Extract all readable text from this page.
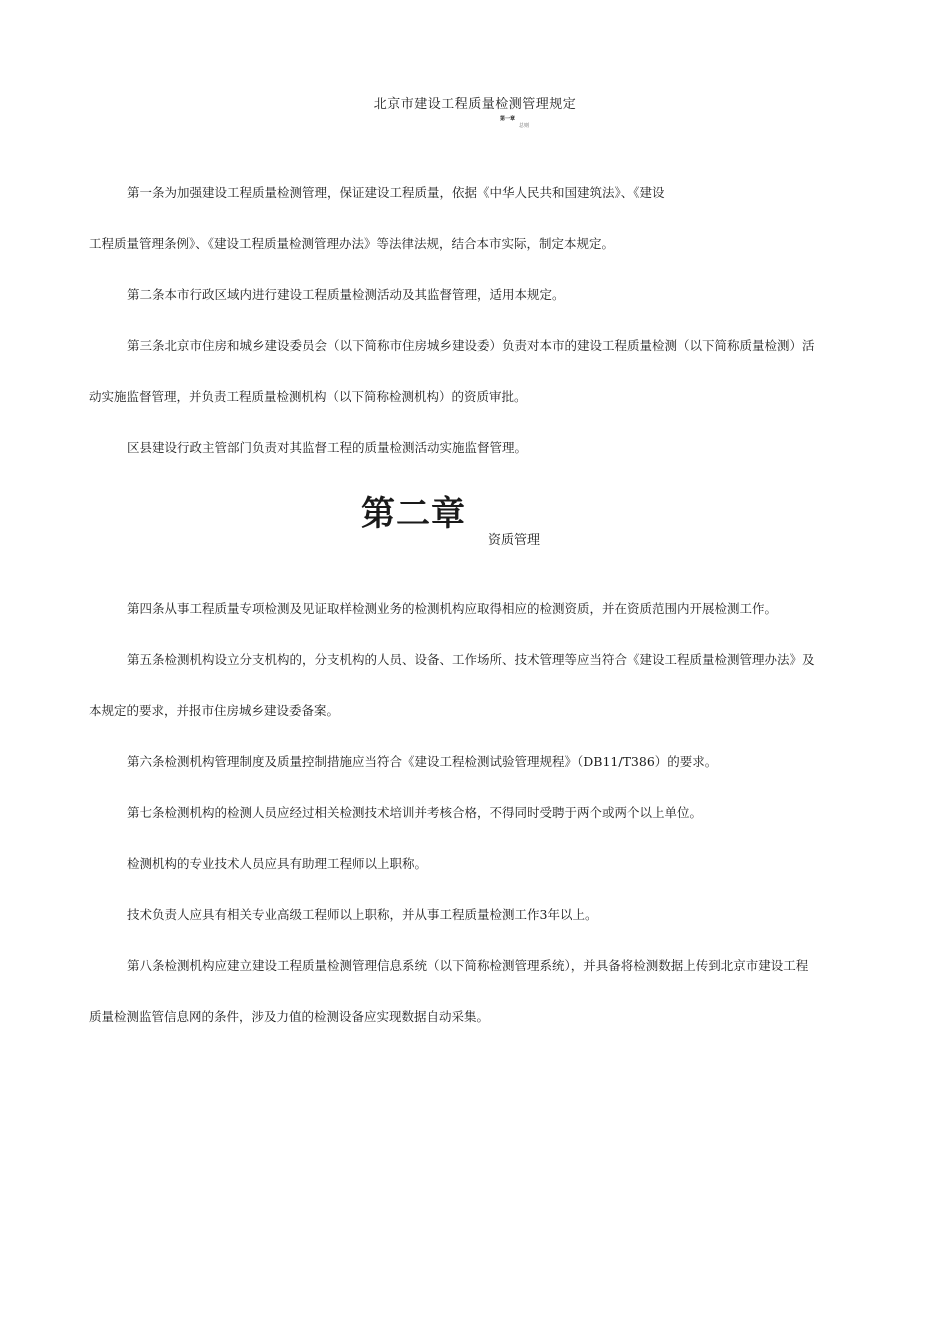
北京市建设工程质量检测管理规定
第一章
总则

第一条为加强建设工程质量检测管理，保证建设工程质量，依据《中华人民共和国建筑法》、《建设

工程质量管理条例》、《建设工程质量检测管理办法》等法律法规，结合本市实际，制定本规定。

第二条本市行政区域内进行建设工程质量检测活动及其监督管理，适用本规定。

第三条北京市住房和城乡建设委员会（以下简称市住房城乡建设委）负责对本市的建设工程质量检测（以下简称质量检测）活

动实施监督管理，并负责工程质量检测机构（以下简称检测机构）的资质审批。

区县建设行政主管部门负责对其监督工程的质量检测活动实施监督管理。

第二章
资质管理

第四条从事工程质量专项检测及见证取样检测业务的检测机构应取得相应的检测资质，并在资质范围内开展检测工作。

第五条检测机构设立分支机构的，分支机构的人员、设备、工作场所、技术管理等应当符合《建设工程质量检测管理办法》及

本规定的要求，并报市住房城乡建设委备案。

第六条检测机构管理制度及质量控制措施应当符合《建设工程检测试验管理规程》（DB11/T386）的要求。

第七条检测机构的检测人员应经过相关检测技术培训并考核合格，不得同时受聘于两个或两个以上单位。

检测机构的专业技术人员应具有助理工程师以上职称。

技术负责人应具有相关专业高级工程师以上职称，并从事工程质量检测工作3年以上。

第八条检测机构应建立建设工程质量检测管理信息系统（以下简称检测管理系统），并具备将检测数据上传到北京市建设工程

质量检测监管信息网的条件，涉及力值的检测设备应实现数据自动采集。
